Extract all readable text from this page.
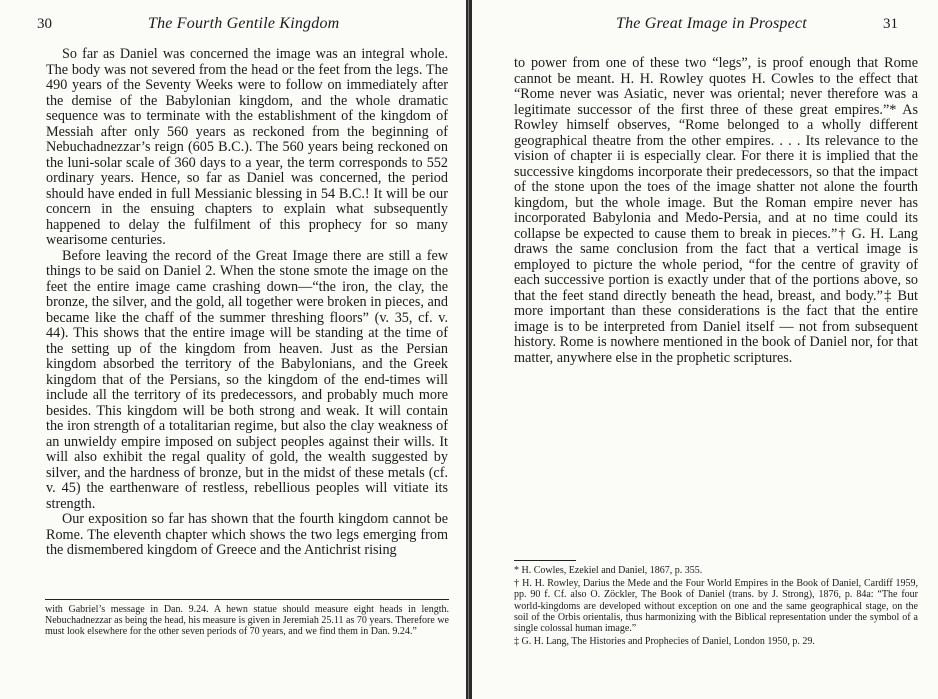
30	The Fourth Gentile Kingdom

So far as Daniel was concerned the image was an integral whole. The body was not severed from the head or the feet from the legs. The 490 years of the Seventy Weeks were to follow on immediately after the demise of the Babylonian kingdom, and the whole dramatic sequence was to terminate with the establishment of the kingdom of Messiah after only 560 years as reckoned from the beginning of Nebuchadnezzar’s reign (605 B.C.). The 560 years being reckoned on the luni-solar scale of 360 days to a year, the term corresponds to 552 ordinary years. Hence, so far as Daniel was concerned, the period should have ended in full Messianic blessing in 54 B.C.! It will be our concern in the ensuing chapters to explain what subsequently happened to delay the fulfilment of this prophecy for so many wearisome centuries.

Before leaving the record of the Great Image there are still a few things to be said on Daniel 2. When the stone smote the image on the feet the entire image came crashing down—“the iron, the clay, the bronze, the silver, and the gold, all together were broken in pieces, and became like the chaff of the summer threshing floors” (v. 35, cf. v. 44). This shows that the entire image will be standing at the time of the setting up of the kingdom from heaven. Just as the Persian kingdom absorbed the territory of the Babylonians, and the Greek kingdom that of the Persians, so the kingdom of the end-times will include all the territory of its predecessors, and probably much more besides. This kingdom will be both strong and weak. It will contain the iron strength of a totalitarian regime, but also the clay weakness of an unwieldy empire imposed on subject peoples against their wills. It will also exhibit the regal quality of gold, the wealth suggested by silver, and the hardness of bronze, but in the midst of these metals (cf. v. 45) the earthenware of restless, rebellious peoples will vitiate its strength.

Our exposition so far has shown that the fourth kingdom cannot be Rome. The eleventh chapter which shows the two legs emerging from the dismembered kingdom of Greece and the Antichrist rising

with Gabriel’s message in Dan. 9.24. A hewn statue should measure eight heads in length. Nebuchadnezzar as being the head, his measure is given in Jeremiah 25.11 as 70 years. Therefore we must look elsewhere for the other seven periods of 70 years, and we find them in Dan. 9.24.”

The Great Image in Prospect	31

to power from one of these two “legs”, is proof enough that Rome cannot be meant. H. H. Rowley quotes H. Cowles to the effect that “Rome never was Asiatic, never was oriental; never therefore was a legitimate successor of the first three of these great empires.”* As Rowley himself observes, “Rome belonged to a wholly different geographical theatre from the other empires. . . . Its relevance to the vision of chapter ii is especially clear. For there it is implied that the successive kingdoms incorporate their predecessors, so that the impact of the stone upon the toes of the image shatter not alone the fourth kingdom, but the whole image. But the Roman empire never has incorporated Babylonia and Medo-Persia, and at no time could its collapse be expected to cause them to break in pieces.”† G. H. Lang draws the same conclusion from the fact that a vertical image is employed to picture the whole period, “for the centre of gravity of each successive portion is exactly under that of the portions above, so that the feet stand directly beneath the head, breast, and body.”‡ But more important than these considerations is the fact that the entire image is to be interpreted from Daniel itself — not from subsequent history. Rome is nowhere mentioned in the book of Daniel nor, for that matter, anywhere else in the prophetic scriptures.

* H. Cowles, Ezekiel and Daniel, 1867, p. 355.

† H. H. Rowley, Darius the Mede and the Four World Empires in the Book of Daniel, Cardiff 1959, pp. 90 f. Cf. also O. Zöckler, The Book of Daniel (trans. by J. Strong), 1876, p. 84a: “The four world-kingdoms are developed without exception on one and the same geographical stage, on the soil of the Orbis orientalis, thus harmonizing with the Biblical representation under the symbol of a single colossal human image.”

‡ G. H. Lang, The Histories and Prophecies of Daniel, London 1950, p. 29.
